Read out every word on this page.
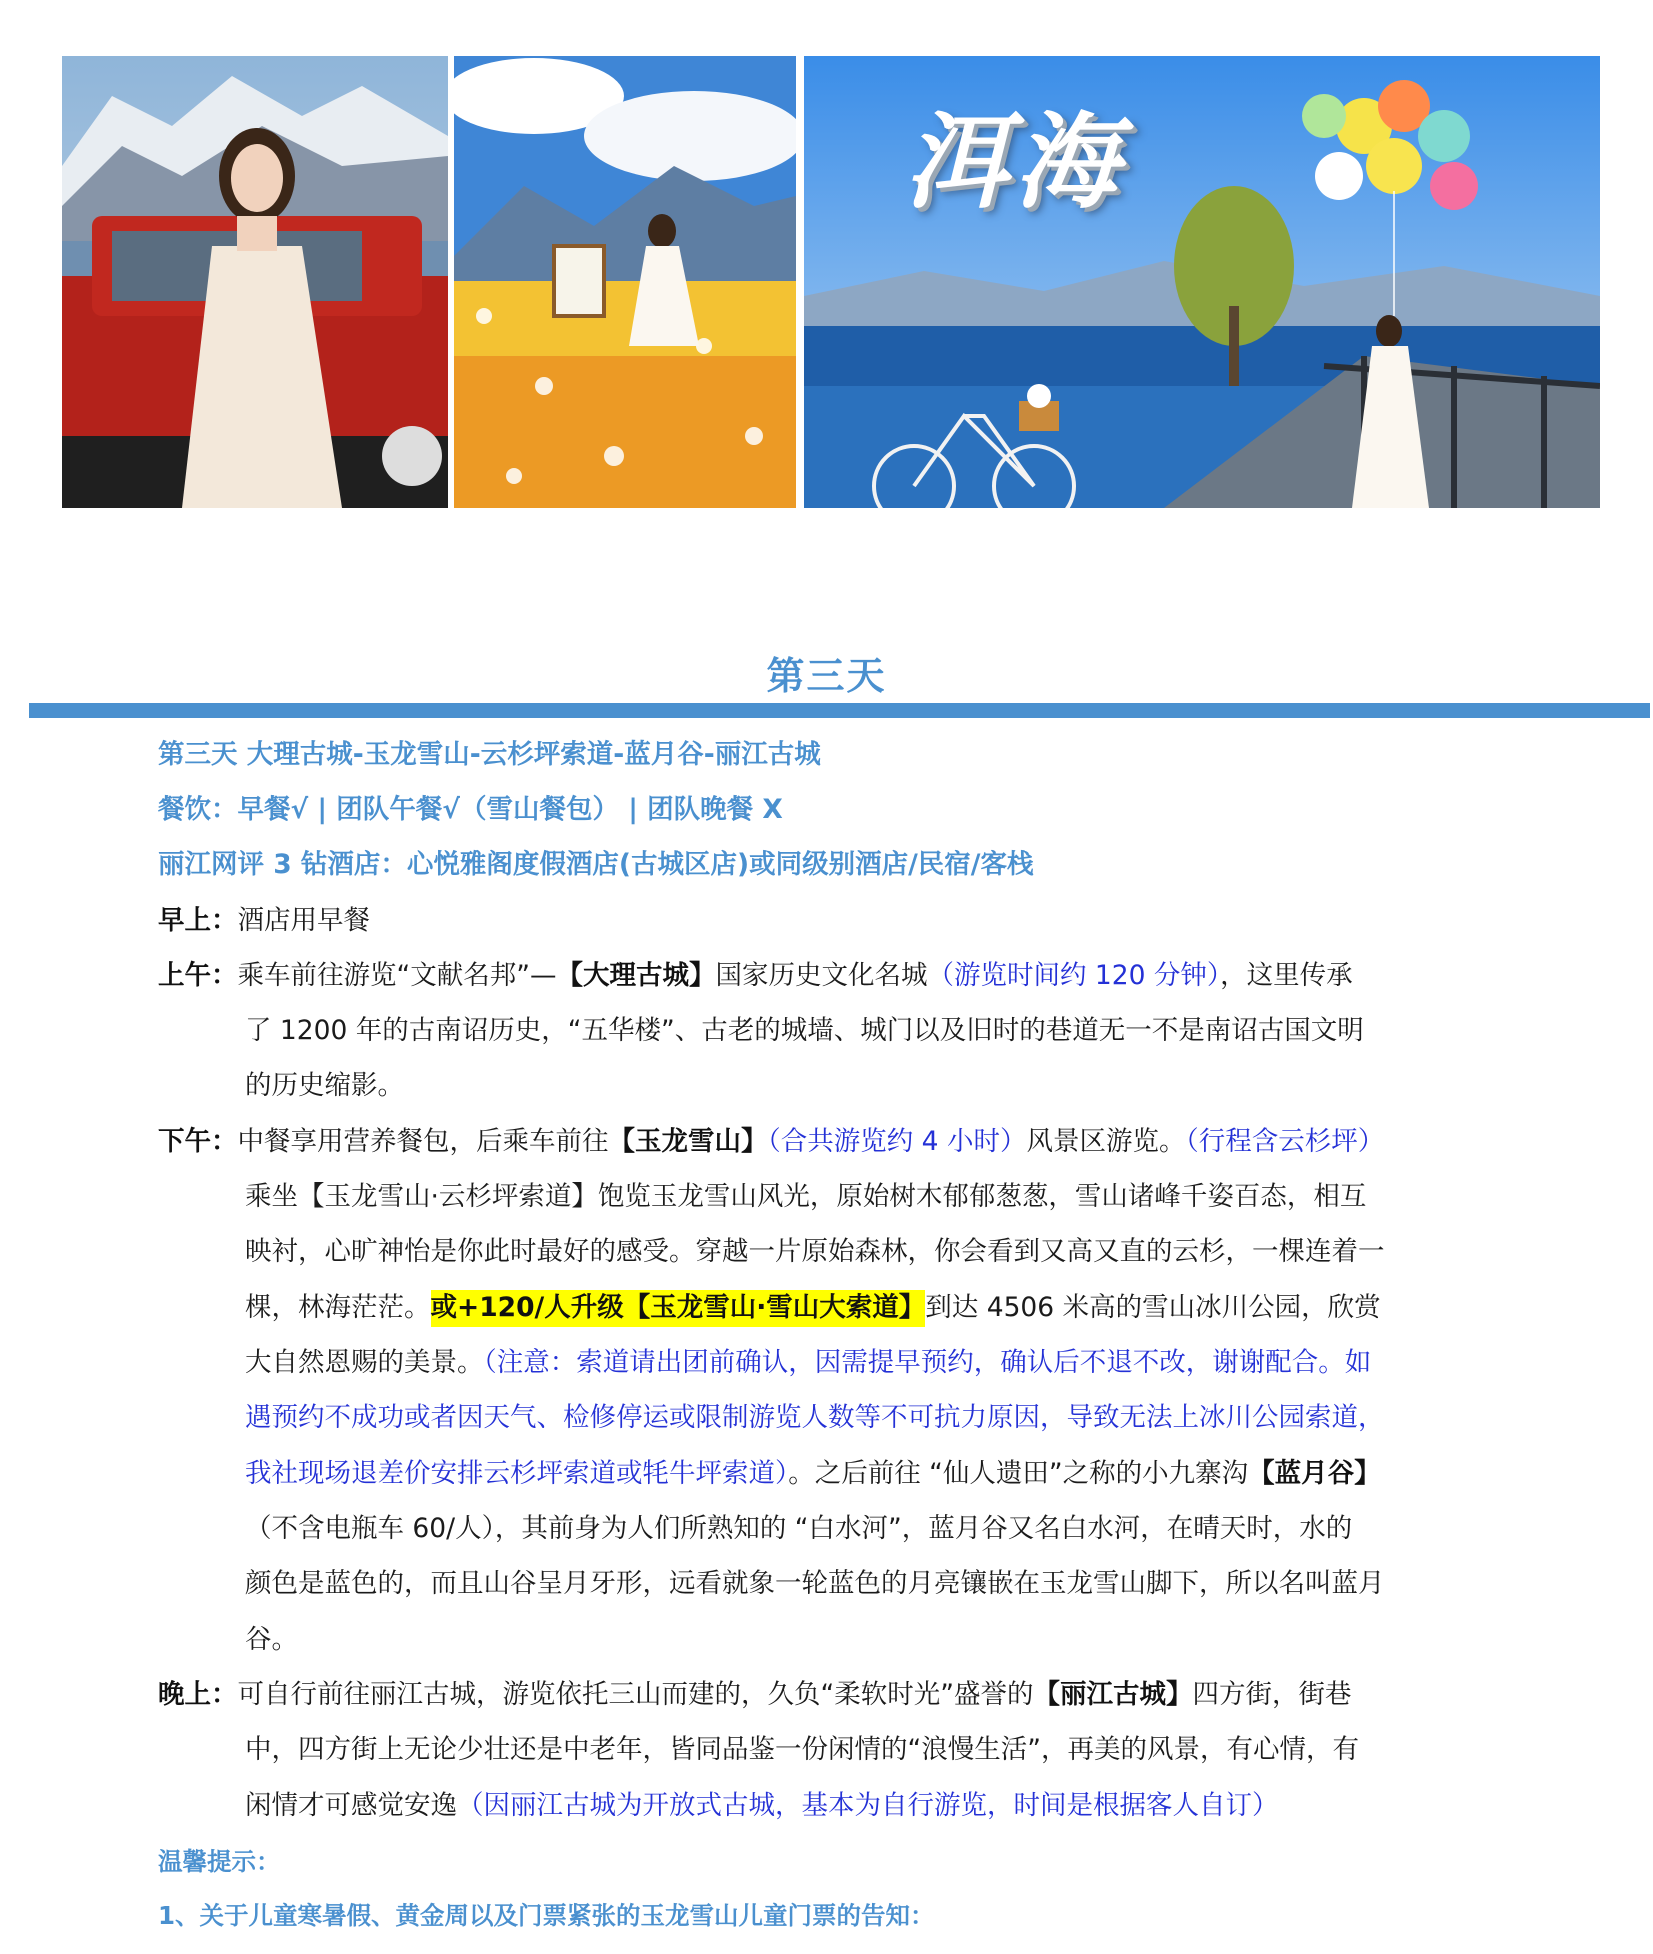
洱海
第三天
第三天 大理古城-玉龙雪山-云杉坪索道-蓝月谷-丽江古城
餐饮：早餐√ | 团队午餐√（雪山餐包） | 团队晚餐 X
丽江网评 3 钻酒店：心悦雅阁度假酒店(古城区店)或同级别酒店/民宿/客栈
早上：酒店用早餐
上午：乘车前往游览“文献名邦”—【大理古城】国家历史文化名城（游览时间约 120 分钟），这里传承
了 1200 年的古南诏历史，“五华楼”、古老的城墙、城门以及旧时的巷道无一不是南诏古国文明
的历史缩影。
下午：中餐享用营养餐包，后乘车前往【玉龙雪山】（合共游览约 4 小时）风景区游览。（行程含云杉坪）
乘坐【玉龙雪山·云杉坪索道】饱览玉龙雪山风光，原始树木郁郁葱葱，雪山诸峰千姿百态，相互
映衬，心旷神怡是你此时最好的感受。穿越一片原始森林，你会看到又高又直的云杉，一棵连着一
棵，林海茫茫。或+120/人升级【玉龙雪山·雪山大索道】到达 4506 米高的雪山冰川公园，欣赏
大自然恩赐的美景。（注意：索道请出团前确认，因需提早预约，确认后不退不改，谢谢配合。如
遇预约不成功或者因天气、检修停运或限制游览人数等不可抗力原因，导致无法上冰川公园索道，
我社现场退差价安排云杉坪索道或牦牛坪索道）。之后前往 “仙人遗田”之称的小九寨沟【蓝月谷】
（不含电瓶车 60/人），其前身为人们所熟知的 “白水河”，蓝月谷又名白水河，在晴天时，水的
颜色是蓝色的，而且山谷呈月牙形，远看就象一轮蓝色的月亮镶嵌在玉龙雪山脚下，所以名叫蓝月
谷。
晚上：可自行前往丽江古城，游览依托三山而建的，久负“柔软时光”盛誉的【丽江古城】四方街，街巷
中，四方街上无论少壮还是中老年，皆同品鉴一份闲情的“浪慢生活”，再美的风景，有心情，有
闲情才可感觉安逸（因丽江古城为开放式古城，基本为自行游览，时间是根据客人自订）
温馨提示：
1、关于儿童寒暑假、黄金周以及门票紧张的玉龙雪山儿童门票的告知：
